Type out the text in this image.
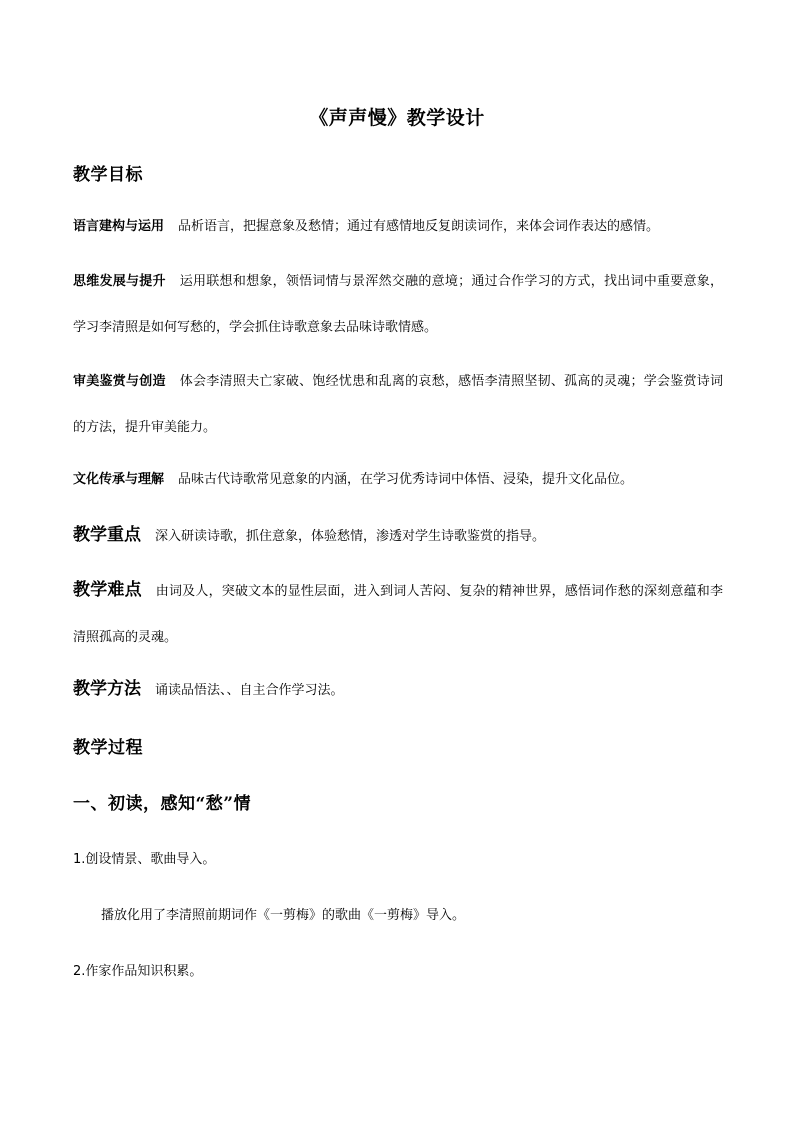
《声声慢》教学设计
教学目标
语言建构与运用 品析语言，把握意象及愁情；通过有感情地反复朗读词作，来体会词作表达的感情。
思维发展与提升 运用联想和想象，领悟词情与景浑然交融的意境；通过合作学习的方式，找出词中重要意象，学习李清照是如何写愁的，学会抓住诗歌意象去品味诗歌情感。
审美鉴赏与创造 体会李清照夫亡家破、饱经忧患和乱离的哀愁，感悟李清照坚韧、孤高的灵魂；学会鉴赏诗词的方法，提升审美能力。
文化传承与理解 品味古代诗歌常见意象的内涵，在学习优秀诗词中体悟、浸染，提升文化品位。
教学重点 深入研读诗歌，抓住意象，体验愁情，渗透对学生诗歌鉴赏的指导。
教学难点 由词及人，突破文本的显性层面，进入到词人苦闷、复杂的精神世界，感悟词作愁的深刻意蕴和李清照孤高的灵魂。
教学方法 诵读品悟法、、自主合作学习法。
教学过程
一、初读，感知“愁”情
1.创设情景、歌曲导入。
播放化用了李清照前期词作《一剪梅》的歌曲《一剪梅》导入。
2.作家作品知识积累。
